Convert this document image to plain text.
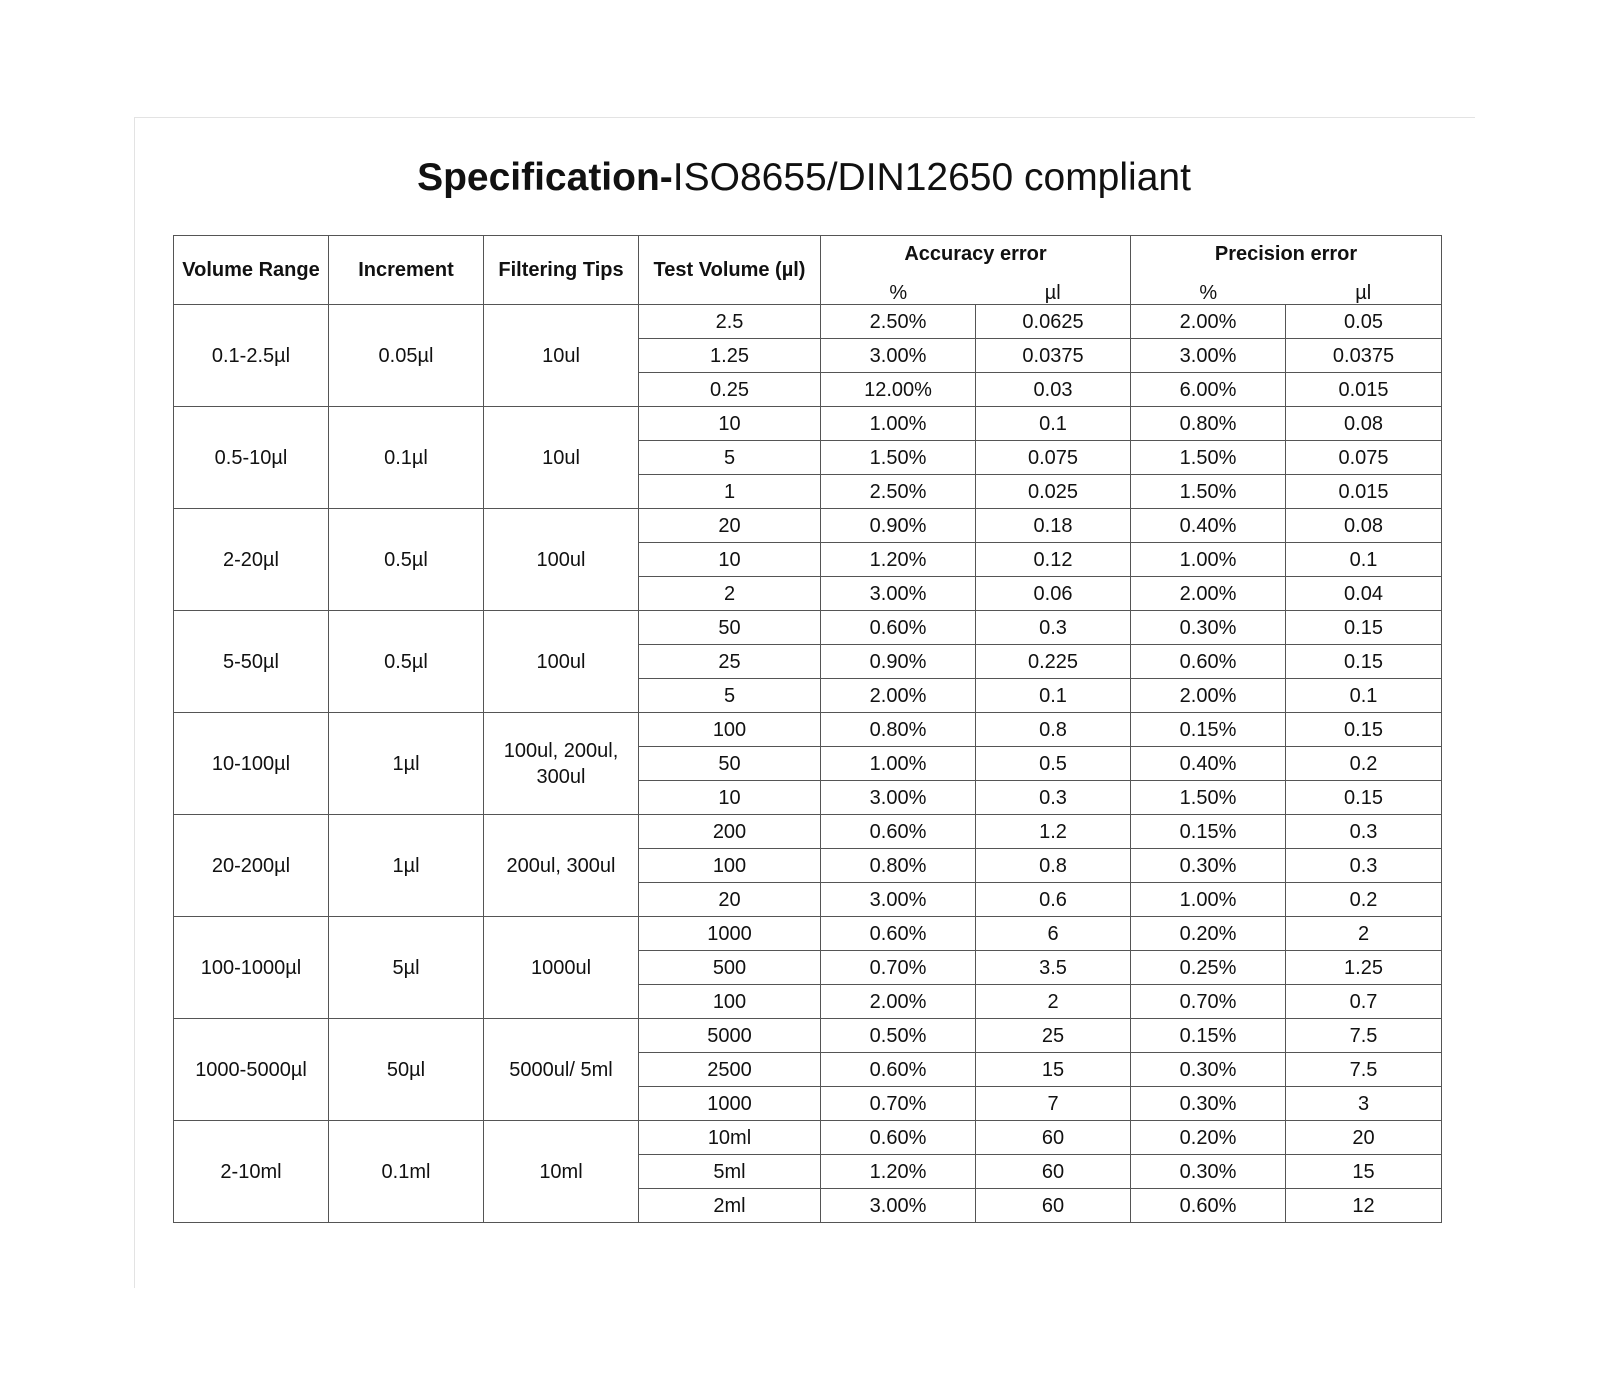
Specification-ISO8655/DIN12650 compliant
Volume Range	Increment	Filtering Tips	Test Volume (µl)	Accuracy error		Precision error	
				%	µl	%	µl
0.1-2.5µl	0.05µl	10ul	2.5	2.50%	0.0625	2.00%	0.05
			1.25	3.00%	0.0375	3.00%	0.0375
			0.25	12.00%	0.03	6.00%	0.015
0.5-10µl	0.1µl	10ul	10	1.00%	0.1	0.80%	0.08
			5	1.50%	0.075	1.50%	0.075
			1	2.50%	0.025	1.50%	0.015
2-20µl	0.5µl	100ul	20	0.90%	0.18	0.40%	0.08
			10	1.20%	0.12	1.00%	0.1
			2	3.00%	0.06	2.00%	0.04
5-50µl	0.5µl	100ul	50	0.60%	0.3	0.30%	0.15
			25	0.90%	0.225	0.60%	0.15
			5	2.00%	0.1	2.00%	0.1
10-100µl	1µl	100ul, 200ul, 300ul	100	0.80%	0.8	0.15%	0.15
			50	1.00%	0.5	0.40%	0.2
			10	3.00%	0.3	1.50%	0.15
20-200µl	1µl	200ul, 300ul	200	0.60%	1.2	0.15%	0.3
			100	0.80%	0.8	0.30%	0.3
			20	3.00%	0.6	1.00%	0.2
100-1000µl	5µl	1000ul	1000	0.60%	6	0.20%	2
			500	0.70%	3.5	0.25%	1.25
			100	2.00%	2	0.70%	0.7
1000-5000µl	50µl	5000ul/ 5ml	5000	0.50%	25	0.15%	7.5
			2500	0.60%	15	0.30%	7.5
			1000	0.70%	7	0.30%	3
2-10ml	0.1ml	10ml	10ml	0.60%	60	0.20%	20
			5ml	1.20%	60	0.30%	15
			2ml	3.00%	60	0.60%	12
